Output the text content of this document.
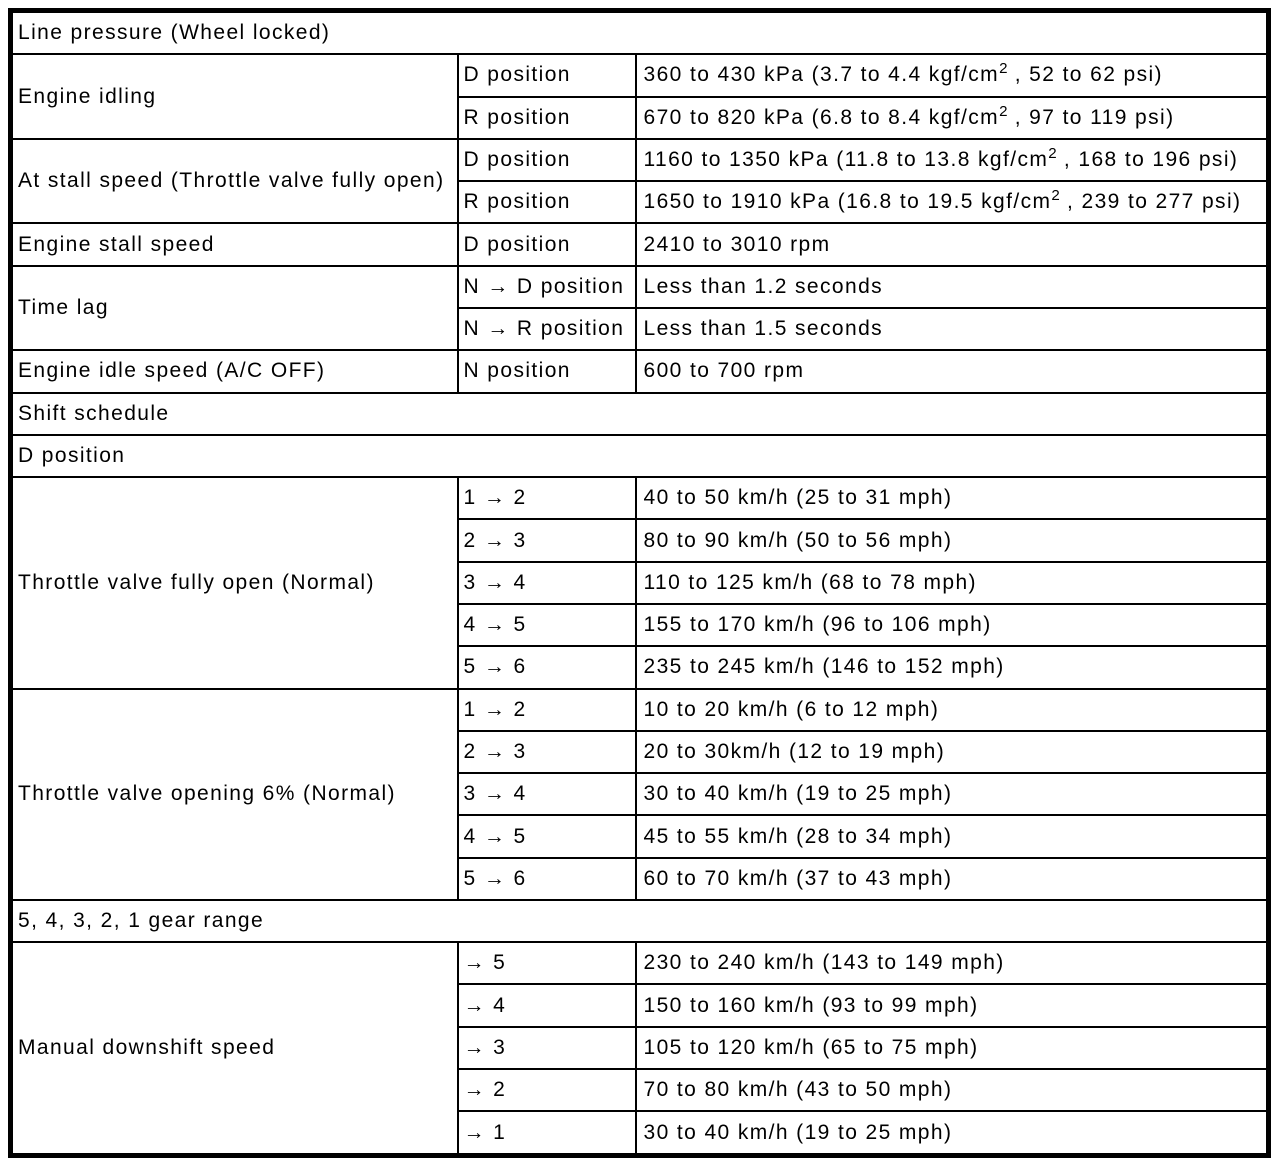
Line pressure (Wheel locked)		
Engine idling	D position	360 to 430 kPa (3.7 to 4.4 kgf/$cm^2$ , 52 to 62 psi)
	R position	670 to 820 kPa (6.8 to 8.4 kgf/$cm^2$ , 97 to 119 psi)
At stall speed (Throttle valve fully open)	D position	1160 to 1350 kPa (11.8 to 13.8 kgf/$cm^2$ , 168 to 196 psi)
	R position	1650 to 1910 kPa (16.8 to 19.5 kgf/$cm^2$ , 239 to 277 psi)
Engine stall speed	D position	2410 to 3010 rpm
Time lag	N → D position	Less than 1.2 seconds
	N → R position	Less than 1.5 seconds
Engine idle speed (A/C OFF)	N position	600 to 700 rpm
Shift schedule		
D position		
Throttle valve fully open (Normal)	1 → 2	40 to 50 km/h (25 to 31 mph)
	2 → 3	80 to 90 km/h (50 to 56 mph)
	3 → 4	110 to 125 km/h (68 to 78 mph)
	4 → 5	155 to 170 km/h (96 to 106 mph)
	5 → 6	235 to 245 km/h (146 to 152 mph)
Throttle valve opening 6% (Normal)	1 → 2	10 to 20 km/h (6 to 12 mph)
	2 → 3	20 to 30km/h (12 to 19 mph)
	3 → 4	30 to 40 km/h (19 to 25 mph)
	4 → 5	45 to 55 km/h (28 to 34 mph)
	5 → 6	60 to 70 km/h (37 to 43 mph)
5, 4, 3, 2, 1 gear range		
Manual downshift speed	→ 5	230 to 240 km/h (143 to 149 mph)
	→ 4	150 to 160 km/h (93 to 99 mph)
	→ 3	105 to 120 km/h (65 to 75 mph)
	→ 2	70 to 80 km/h (43 to 50 mph)
	→ 1	30 to 40 km/h (19 to 25 mph)
